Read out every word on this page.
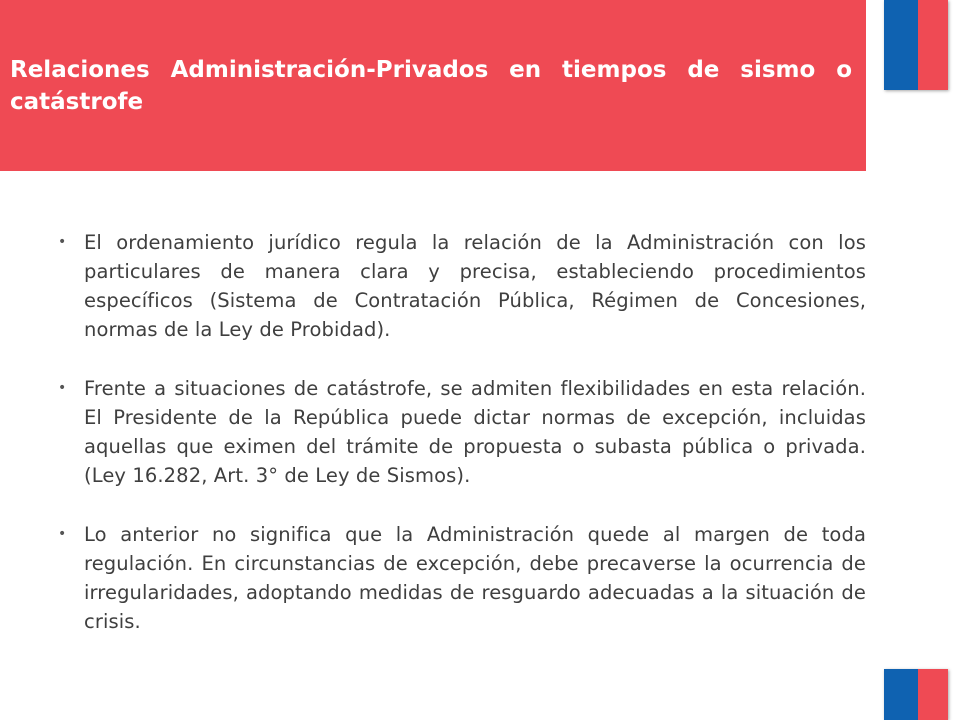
Relaciones Administración-Privados en tiempos de sismo o catástrofe
• El ordenamiento jurídico regula la relación de la Administración con los particulares de manera clara y precisa, estableciendo procedimientos específicos (Sistema de Contratación Pública, Régimen de Concesiones, normas de la Ley de Probidad).
• Frente a situaciones de catástrofe, se admiten flexibilidades en esta relación. El Presidente de la República puede dictar normas de excepción, incluidas aquellas que eximen del trámite de propuesta o subasta pública o privada. (Ley 16.282, Art. 3° de Ley de Sismos).
• Lo anterior no significa que la Administración quede al margen de toda regulación. En circunstancias de excepción, debe precaverse la ocurrencia de irregularidades, adoptando medidas de resguardo adecuadas a la situación de crisis.
